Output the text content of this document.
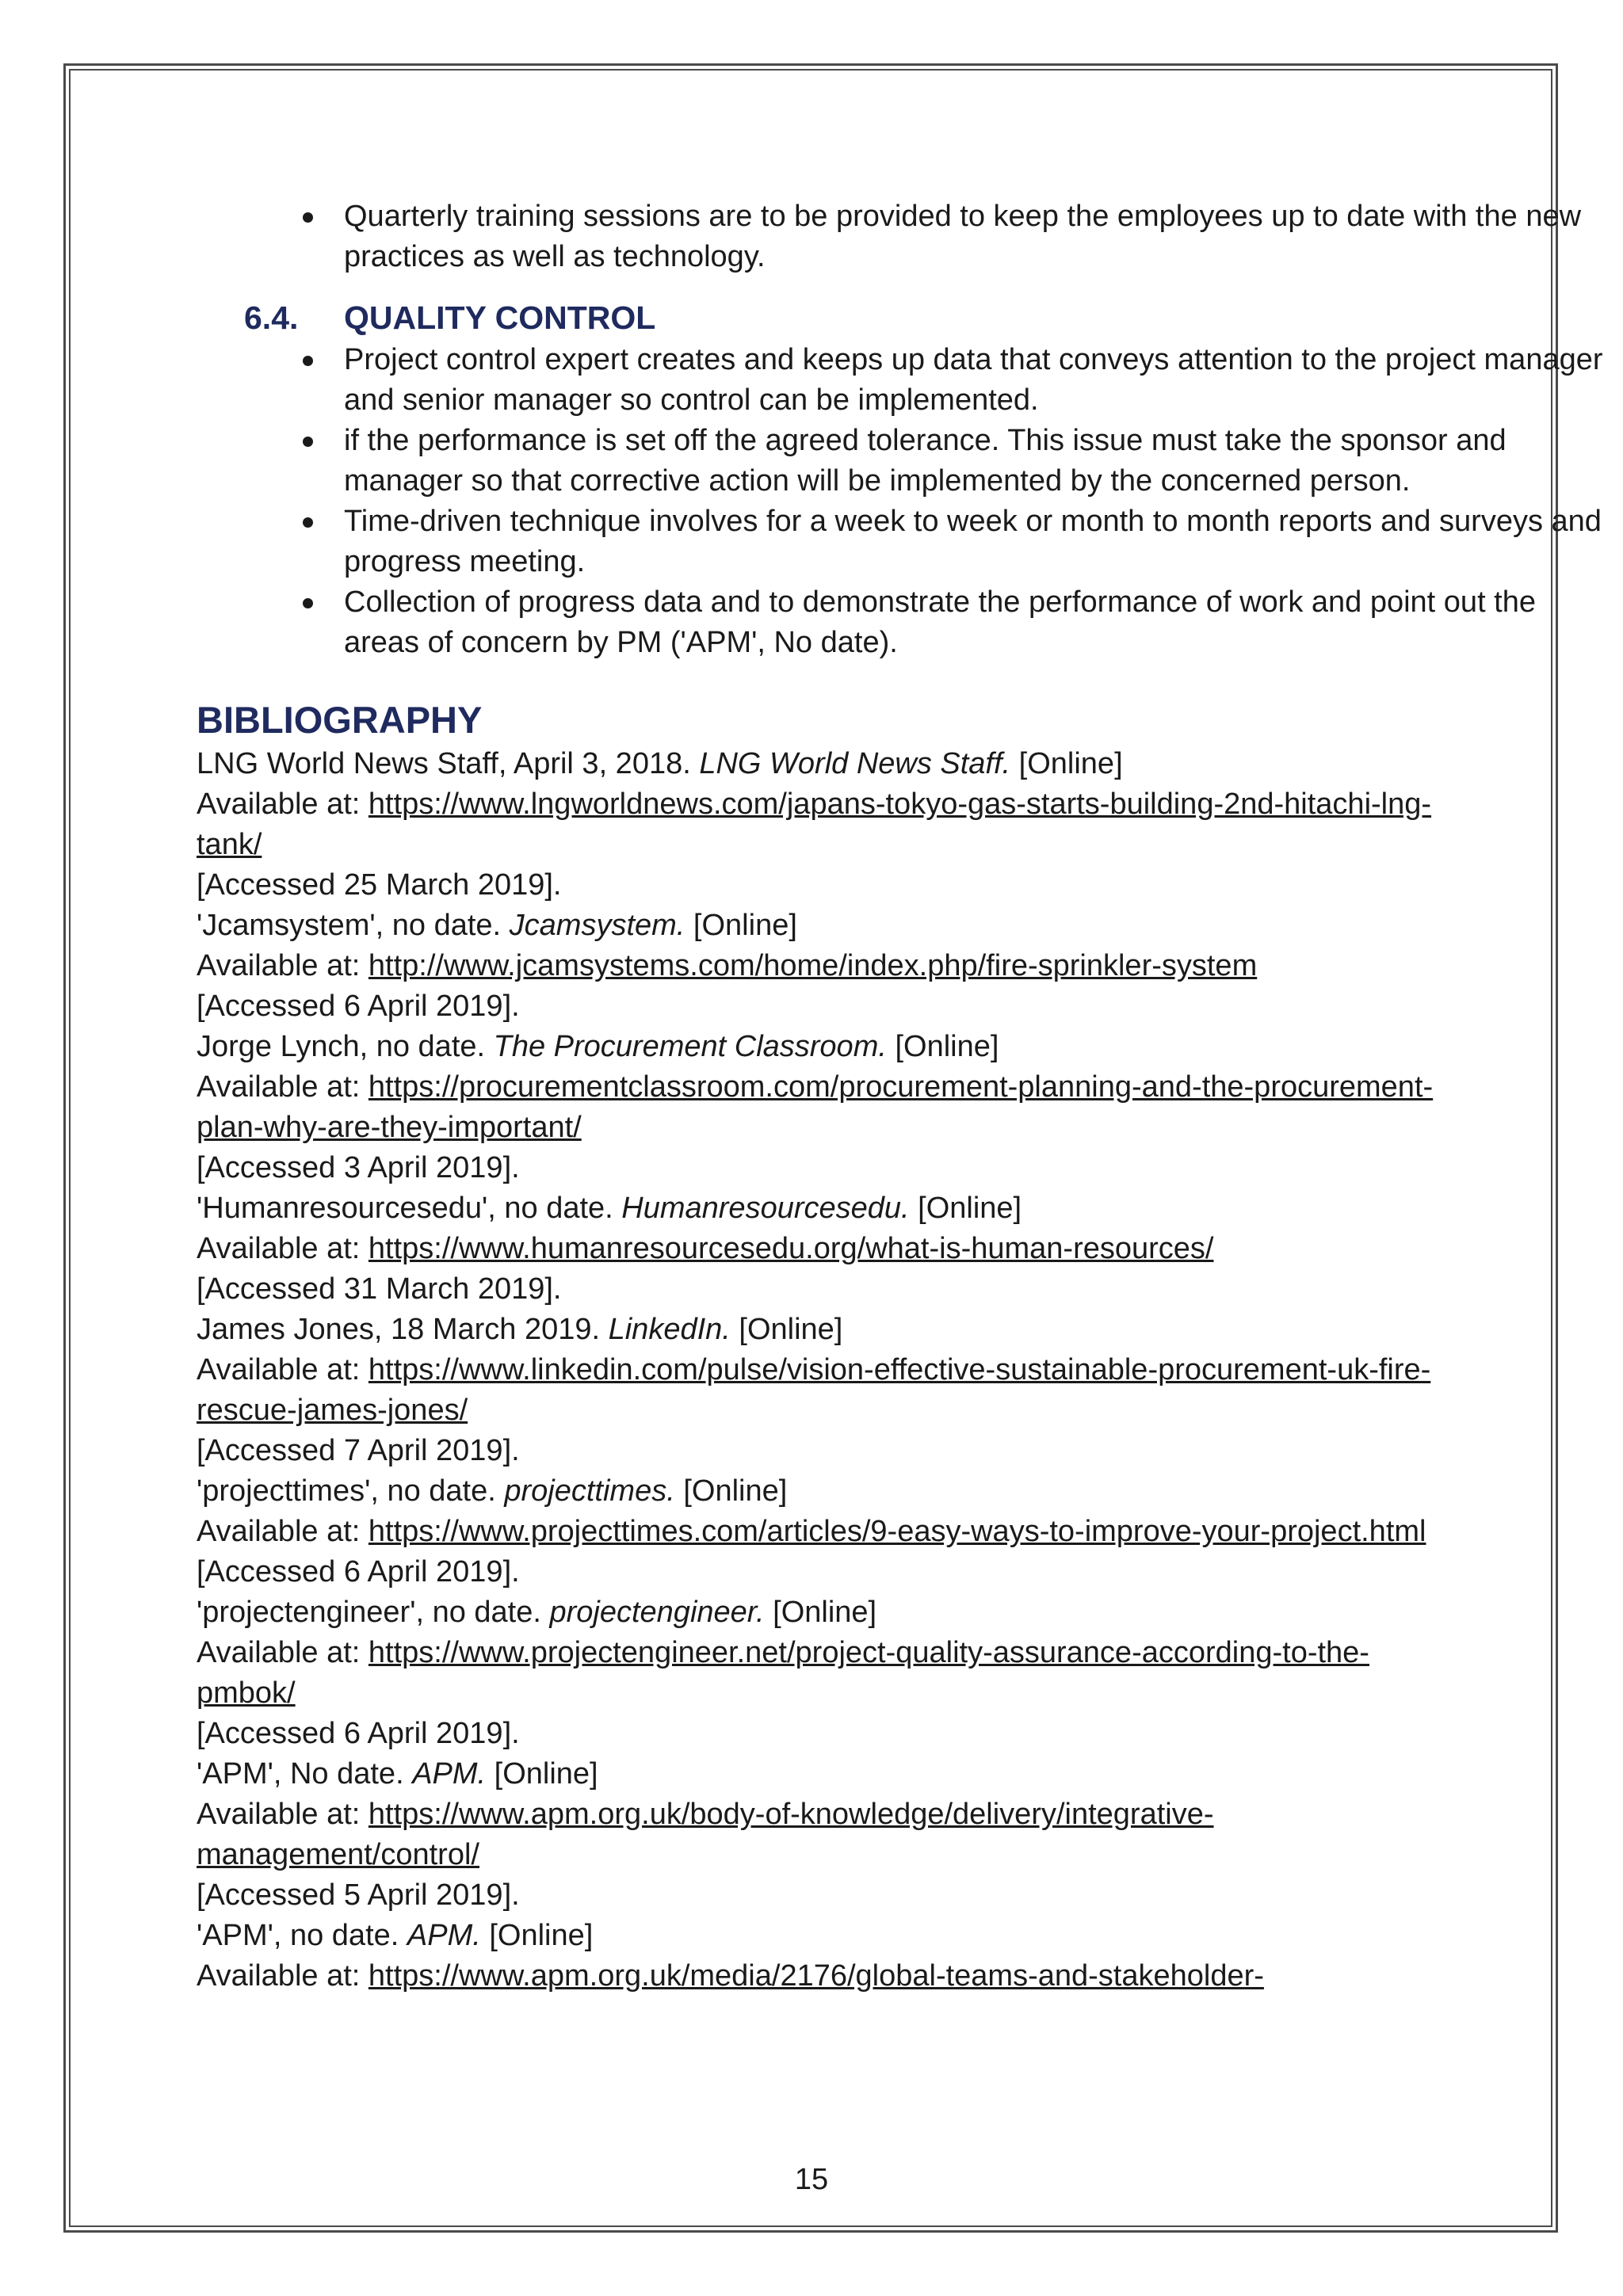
Quarterly training sessions are to be provided to keep the employees up to date with the new practices as well as technology.
6.4.	QUALITY CONTROL
Project control expert creates and keeps up data that conveys attention to the project manager and senior manager so control can be implemented.
if the performance is set off the agreed tolerance. This issue must take the sponsor and manager so that corrective action will be implemented by the concerned person.
Time-driven technique involves for a week to week or month to month reports and surveys and progress meeting.
Collection of progress data and to demonstrate the performance of work and point out the areas of concern by PM ('APM', No date).
BIBLIOGRAPHY
LNG World News Staff, April 3, 2018. LNG World News Staff. [Online]
Available at: https://www.lngworldnews.com/japans-tokyo-gas-starts-building-2nd-hitachi-lng-tank/
[Accessed 25 March 2019].
'Jcamsystem', no date. Jcamsystem. [Online]
Available at: http://www.jcamsystems.com/home/index.php/fire-sprinkler-system
[Accessed 6 April 2019].
Jorge Lynch, no date. The Procurement Classroom. [Online]
Available at: https://procurementclassroom.com/procurement-planning-and-the-procurement-plan-why-are-they-important/
[Accessed 3 April 2019].
'Humanresourcesedu', no date. Humanresourcesedu. [Online]
Available at: https://www.humanresourcesedu.org/what-is-human-resources/
[Accessed 31 March 2019].
James Jones, 18 March 2019. LinkedIn. [Online]
Available at: https://www.linkedin.com/pulse/vision-effective-sustainable-procurement-uk-fire-rescue-james-jones/
[Accessed 7 April 2019].
'projecttimes', no date. projecttimes. [Online]
Available at: https://www.projecttimes.com/articles/9-easy-ways-to-improve-your-project.html
[Accessed 6 April 2019].
'projectengineer', no date. projectengineer. [Online]
Available at: https://www.projectengineer.net/project-quality-assurance-according-to-the-pmbok/
[Accessed 6 April 2019].
'APM', No date. APM. [Online]
Available at: https://www.apm.org.uk/body-of-knowledge/delivery/integrative-management/control/
[Accessed 5 April 2019].
'APM', no date. APM. [Online]
Available at: https://www.apm.org.uk/media/2176/global-teams-and-stakeholder-
15
